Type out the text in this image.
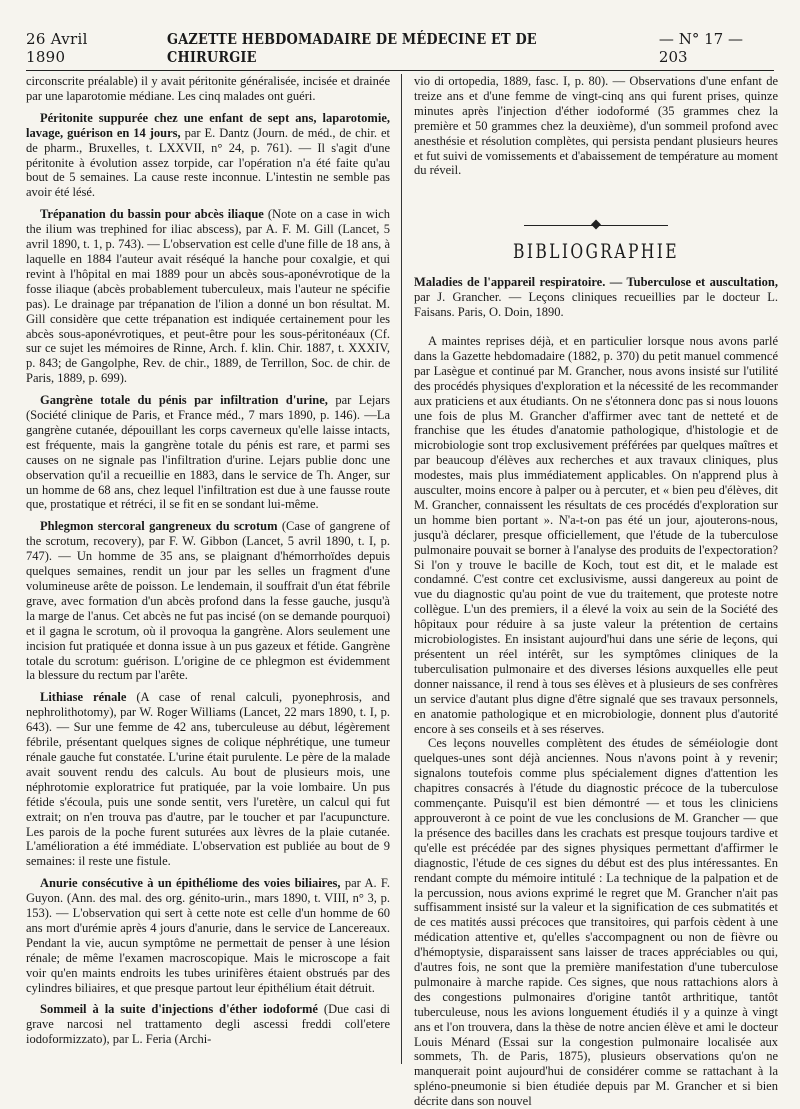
26 Avril 1890
GAZETTE HEBDOMADAIRE DE MÉDECINE ET DE CHIRURGIE
— N° 17 — 203

circonscrite préalable) il y avait péritonite généralisée, incisée et drainée par une laparotomie médiane. Les cinq malades ont guéri.

Péritonite suppurée chez une enfant de sept ans, laparotomie, lavage, guérison en 14 jours, par E. Dantz (Journ. de méd., de chir. et de pharm., Bruxelles, t. LXXVII, n° 24, p. 761). — Il s'agit d'une péritonite à évolution assez torpide, car l'opération n'a été faite qu'au bout de 5 semaines. La cause reste inconnue. L'intestin ne semble pas avoir été lésé.

Trépanation du bassin pour abcès iliaque (Note on a case in wich the ilium was trephined for iliac abscess), par A. F. M. Gill (Lancet, 5 avril 1890, t. 1, p. 743). — L'observation est celle d'une fille de 18 ans, à laquelle en 1884 l'auteur avait réséqué la hanche pour coxalgie, et qui revint à l'hôpital en mai 1889 pour un abcès sous-aponévrotique de la fosse iliaque (abcès probablement tuberculeux, mais l'auteur ne spécifie pas). Le drainage par trépanation de l'ilion a donné un bon résultat. M. Gill considère que cette trépanation est indiquée certainement pour les abcès sous-aponévrotiques, et peut-être pour les sous-péritonéaux (Cf. sur ce sujet les mémoires de Rinne, Arch. f. klin. Chir. 1887, t. XXXIV, p. 843; de Gangolphe, Rev. de chir., 1889, de Terrillon, Soc. de chir. de Paris, 1889, p. 699).

Gangrène totale du pénis par infiltration d'urine, par Lejars (Société clinique de Paris, et France méd., 7 mars 1890, p. 146). —La gangrène cutanée, dépouillant les corps caverneux qu'elle laisse intacts, est fréquente, mais la gangrène totale du pénis est rare, et parmi ses causes on ne signale pas l'infiltration d'urine. Lejars publie donc une observation qu'il a recueillie en 1883, dans le service de Th. Anger, sur un homme de 68 ans, chez lequel l'infiltration est due à une fausse route que, prostatique et rétréci, il se fit en se sondant lui-même.

Phlegmon stercoral gangreneux du scrotum (Case of gangrene of the scrotum, recovery), par F. W. Gibbon (Lancet, 5 avril 1890, t. I, p. 747). — Un homme de 35 ans, se plaignant d'hémorrhoïdes depuis quelques semaines, rendit un jour par les selles un fragment d'une volumineuse arête de poisson. Le lendemain, il souffrait d'un état fébrile grave, avec formation d'un abcès profond dans la fesse gauche, jusqu'à la marge de l'anus. Cet abcès ne fut pas incisé (on se demande pourquoi) et il gagna le scrotum, où il provoqua la gangrène. Alors seulement une incision fut pratiquée et donna issue à un pus gazeux et fétide. Gangrène totale du scrotum: guérison. L'origine de ce phlegmon est évidemment la blessure du rectum par l'arête.

Lithiase rénale (A case of renal calculi, pyonephrosis, and nephrolithotomy), par W. Roger Williams (Lancet, 22 mars 1890, t. I, p. 643). — Sur une femme de 42 ans, tuberculeuse au début, légèrement fébrile, présentant quelques signes de colique néphrétique, une tumeur rénale gauche fut constatée. L'urine était purulente. Le père de la malade avait souvent rendu des calculs. Au bout de plusieurs mois, une néphrotomie exploratrice fut pratiquée, par la voie lombaire. Un pus fétide s'écoula, puis une sonde sentit, vers l'uretère, un calcul qui fut extrait; on n'en trouva pas d'autre, par le toucher et par l'acupuncture. Les parois de la poche furent suturées aux lèvres de la plaie cutanée. L'amélioration a été immédiate. L'observation est publiée au bout de 9 semaines: il reste une fistule.

Anurie consécutive à un épithéliome des voies biliaires, par A. F. Guyon. (Ann. des mal. des org. génito-urin., mars 1890, t. VIII, n° 3, p. 153). — L'observation qui sert à cette note est celle d'un homme de 60 ans mort d'urémie après 4 jours d'anurie, dans le service de Lancereaux. Pendant la vie, aucun symptôme ne permettait de penser à une lésion rénale; de même l'examen macroscopique. Mais le microscope a fait voir qu'en maints endroits les tubes urinifères étaient obstrués par des cylindres biliaires, et que presque partout leur épithélium était détruit.

Sommeil à la suite d'injections d'éther iodoformé (Due casi di grave narcosi nel trattamento degli ascessi freddi coll'etere iodoformizzato), par L. Feria (Archi-

vio di ortopedia, 1889, fasc. I, p. 80). — Observations d'une enfant de treize ans et d'une femme de vingt-cinq ans qui furent prises, quinze minutes après l'injection d'éther iodoformé (35 grammes chez la première et 50 grammes chez la deuxième), d'un sommeil profond avec anesthésie et résolution complètes, qui persista pendant plusieurs heures et fut suivi de vomissements et d'abaissement de température au moment du réveil.

BIBLIOGRAPHIE

Maladies de l'appareil respiratoire. — Tuberculose et auscultation, par J. Grancher. — Leçons cliniques recueillies par le docteur L. Faisans. Paris, O. Doin, 1890.

A maintes reprises déjà, et en particulier lorsque nous avons parlé dans la Gazette hebdomadaire (1882, p. 370) du petit manuel commencé par Lasègue et continué par M. Grancher, nous avons insisté sur l'utilité des procédés physiques d'exploration et la nécessité de les recommander aux praticiens et aux étudiants. On ne s'étonnera donc pas si nous louons une fois de plus M. Grancher d'affirmer avec tant de netteté et de franchise que les études d'anatomie pathologique, d'histologie et de microbiologie sont trop exclusivement préférées par quelques maîtres et par beaucoup d'élèves aux recherches et aux travaux cliniques, plus modestes, mais plus immédiatement applicables. On n'apprend plus à ausculter, moins encore à palper ou à percuter, et « bien peu d'élèves, dit M. Grancher, connaissent les résultats de ces procédés d'exploration sur un homme bien portant ». N'a-t-on pas été un jour, ajouterons-nous, jusqu'à déclarer, presque officiellement, que l'étude de la tuberculose pulmonaire pouvait se borner à l'analyse des produits de l'expectoration? Si l'on y trouve le bacille de Koch, tout est dit, et le malade est condamné. C'est contre cet exclusivisme, aussi dangereux au point de vue du diagnostic qu'au point de vue du traitement, que proteste notre collègue. L'un des premiers, il a élevé la voix au sein de la Société des hôpitaux pour réduire à sa juste valeur la prétention de certains microbiologistes. En insistant aujourd'hui dans une série de leçons, qui présentent un réel intérêt, sur les symptômes cliniques de la tuberculisation pulmonaire et des diverses lésions auxquelles elle peut donner naissance, il rend à tous ses élèves et à plusieurs de ses confrères un service d'autant plus digne d'être signalé que ses travaux personnels, en anatomie pathologique et en microbiologie, donnent plus d'autorité encore à ses conseils et à ses réserves.

Ces leçons nouvelles complètent des études de séméiologie dont quelques-unes sont déjà anciennes. Nous n'avons point à y revenir; signalons toutefois comme plus spécialement dignes d'attention les chapitres consacrés à l'étude du diagnostic précoce de la tuberculose commençante. Puisqu'il est bien démontré — et tous les cliniciens approuveront à ce point de vue les conclusions de M. Grancher — que la présence des bacilles dans les crachats est presque toujours tardive et qu'elle est précédée par des signes physiques permettant d'affirmer le diagnostic, l'étude de ces signes du début est des plus intéressantes. En rendant compte du mémoire intitulé : La technique de la palpation et de la percussion, nous avions exprimé le regret que M. Grancher n'ait pas suffisamment insisté sur la valeur et la signification de ces submatités et de ces matités aussi précoces que transitoires, qui parfois cèdent à une médication attentive et, qu'elles s'accompagnent ou non de fièvre ou d'hémoptysie, disparaissent sans laisser de traces appréciables ou qui, d'autres fois, ne sont que la première manifestation d'une tuberculose pulmonaire à marche rapide. Ces signes, que nous rattachions alors à des congestions pulmonaires d'origine tantôt arthritique, tantôt tuberculeuse, nous les avions longuement étudiés il y a quinze à vingt ans et l'on trouvera, dans la thèse de notre ancien élève et ami le docteur Louis Ménard (Essai sur la congestion pulmonaire localisée aux sommets, Th. de Paris, 1875), plusieurs observations qu'on ne manquerait point aujourd'hui de considérer comme se rattachant à la spléno-pneumonie si bien étudiée depuis par M. Grancher et si bien décrite dans son nouvel
